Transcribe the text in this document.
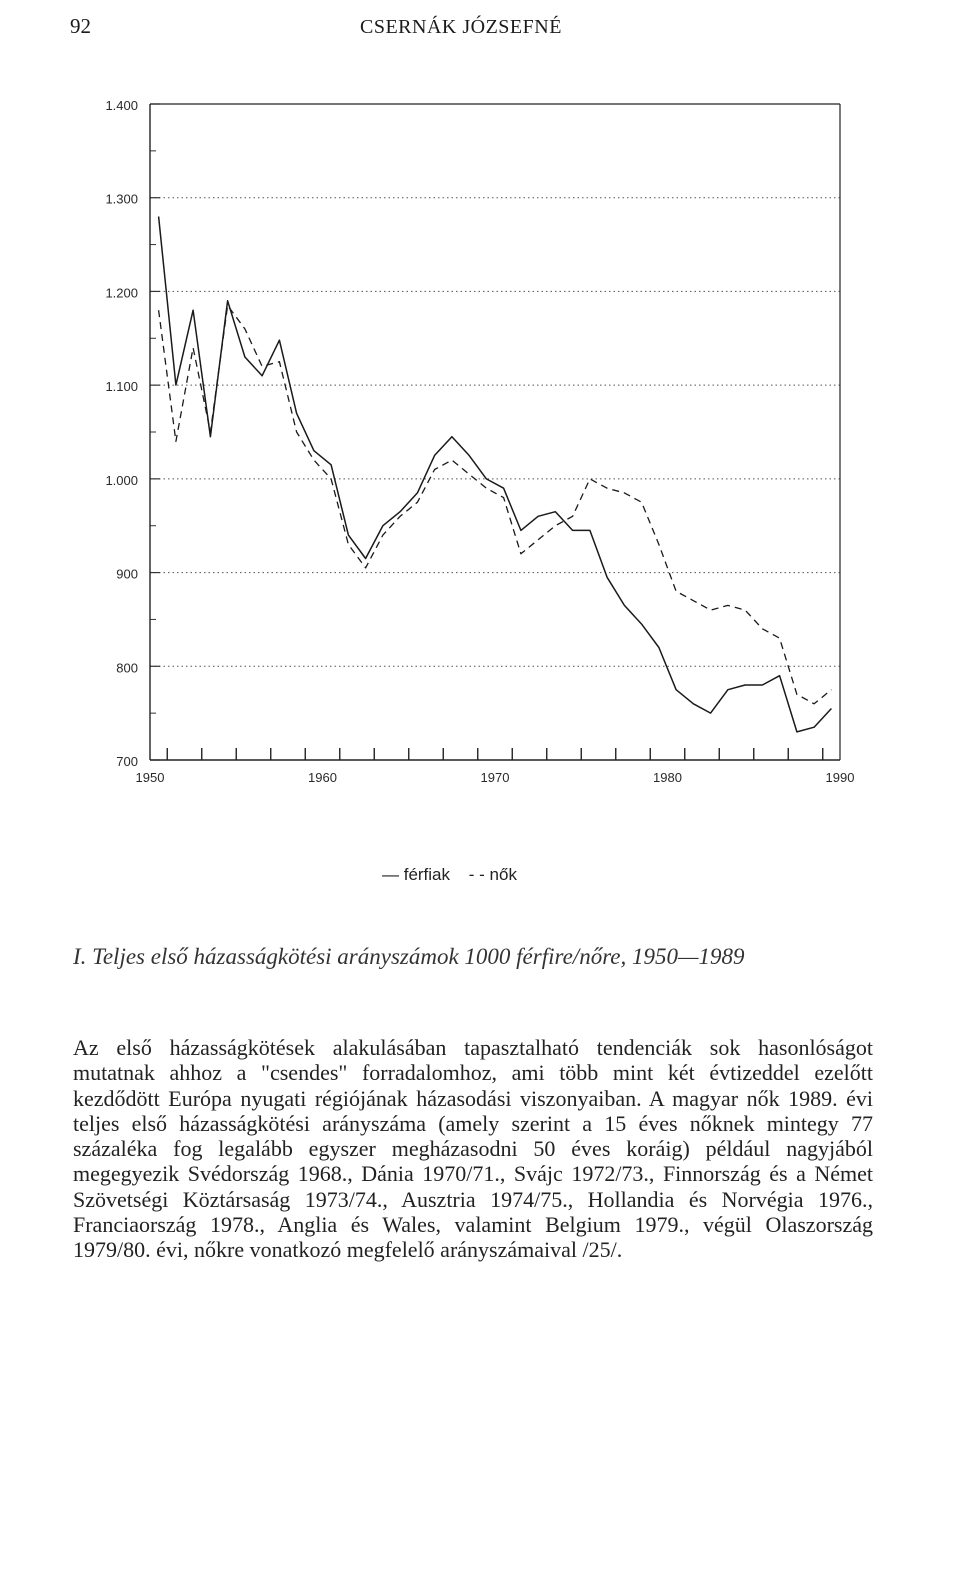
92	CSERNÁK JÓZSEFNÉ
1.400
1.300
1.200
1.100
1.000
900
800
700
1950	1960	1970	1980	1990
— férfiak - - nők
I. Teljes első házasságkötési arányszámok 1000 férfire/nőre, 1950—1989
Az első házasságkötések alakulásában tapasztalható tendenciák sok hasonlóságot mutatnak ahhoz a "csendes" forradalomhoz, ami több mint két évtizeddel ezelőtt kezdődött Európa nyugati régiójának házasodási viszonyaiban. A magyar nők 1989. évi teljes első házasságkötési arányszáma (amely szerint a 15 éves nőknek mintegy 77 százaléka fog legalább egyszer megházasodni 50 éves koráig) például nagyjából megegyezik Svédország 1968., Dánia 1970/71., Svájc 1972/73., Finnország és a Német Szövetségi Köztársaság 1973/74., Ausztria 1974/75., Hollandia és Norvégia 1976., Franciaország 1978., Anglia és Wales, valamint Belgium 1979., végül Olaszország 1979/80. évi, nőkre vonatkozó megfelelő arányszámaival /25/.
